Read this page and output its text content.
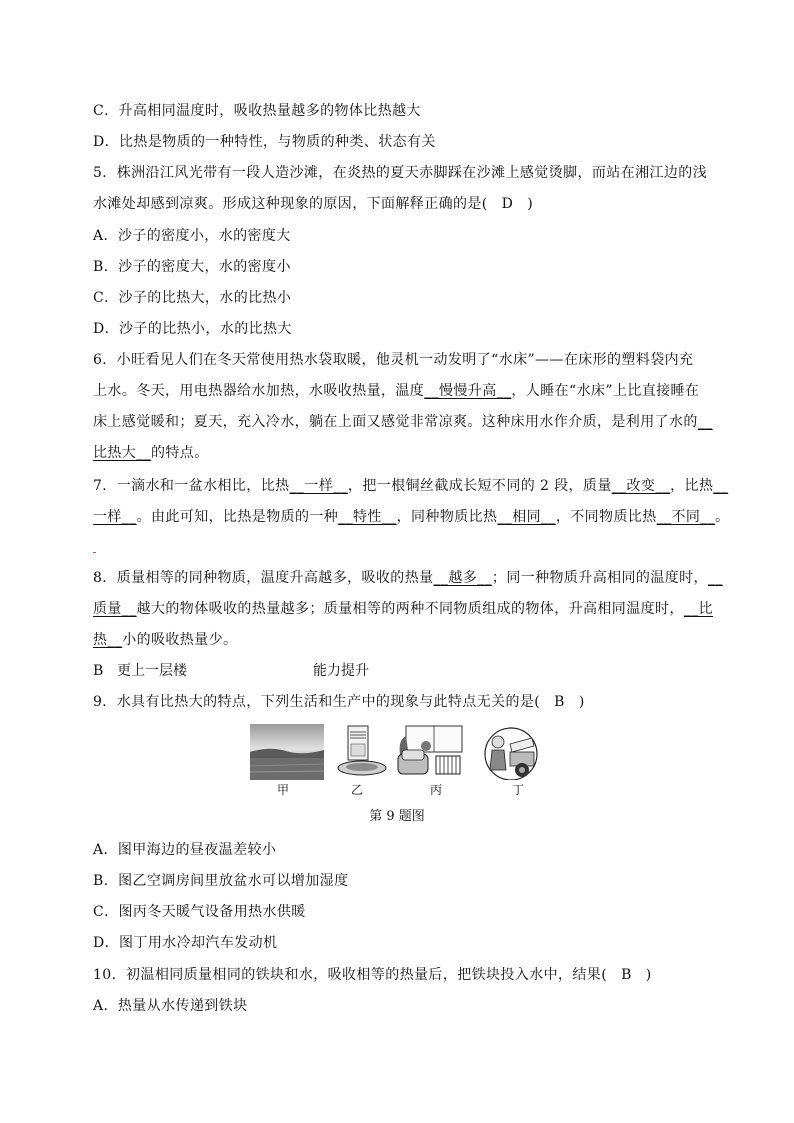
C．升高相同温度时，吸收热量越多的物体比热越大
D．比热是物质的一种特性，与物质的种类、状态有关
5．株洲沿江风光带有一段人造沙滩，在炎热的夏天赤脚踩在沙滩上感觉烫脚，而站在湘江边的浅
水滩处却感到凉爽。形成这种现象的原因，下面解释正确的是( D )
A．沙子的密度小，水的密度大
B．沙子的密度大，水的密度小
C．沙子的比热大，水的比热小
D．沙子的比热小，水的比热大
6．小旺看见人们在冬天常使用热水袋取暖，他灵机一动发明了“水床”——在床形的塑料袋内充
上水。冬天，用电热器给水加热，水吸收热量，温度__慢慢升高__，人睡在“水床”上比直接睡在
床上感觉暖和；夏天，充入冷水，躺在上面又感觉非常凉爽。这种床用水作介质，是利用了水的__
比热大__的特点。
7．一滴水和一盆水相比，比热__一样__，把一根铜丝截成长短不同的 2 段，质量__改变__，比热__
一样__。由此可知，比热是物质的一种__特性__，同种物质比热__相同__，不同物质比热__不同__。
8．质量相等的同种物质，温度升高越多，吸收的热量__越多__；同一种物质升高相同的温度时，__
质量__越大的物体吸收的热量越多；质量相等的两种不同物质组成的物体，升高相同温度时，__比
热__小的吸收热量少。
B 更上一层楼	能力提升
9．水具有比热大的特点，下列生活和生产中的现象与此特点无关的是( B )
甲	乙	丙	丁
第 9 题图
A．图甲海边的昼夜温差较小
B．图乙空调房间里放盆水可以增加湿度
C．图丙冬天暖气设备用热水供暖
D．图丁用水冷却汽车发动机
10．初温相同质量相同的铁块和水，吸收相等的热量后，把铁块投入水中，结果( B )
A．热量从水传递到铁块
